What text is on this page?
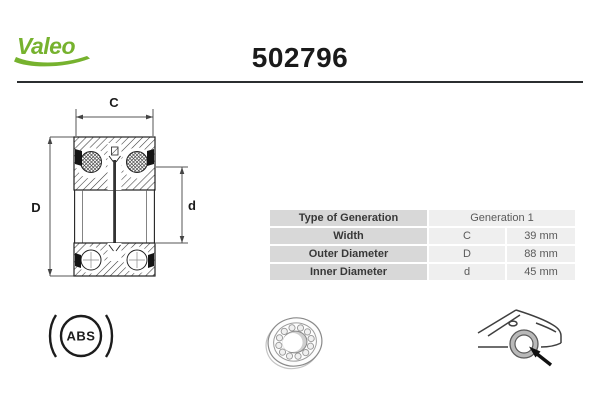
Valeo	502796
C
D	d
Type of Generation	Generation 1
Width	C	39 mm
Outer Diameter	D	88 mm
Inner Diameter	d	45 mm
ABS
